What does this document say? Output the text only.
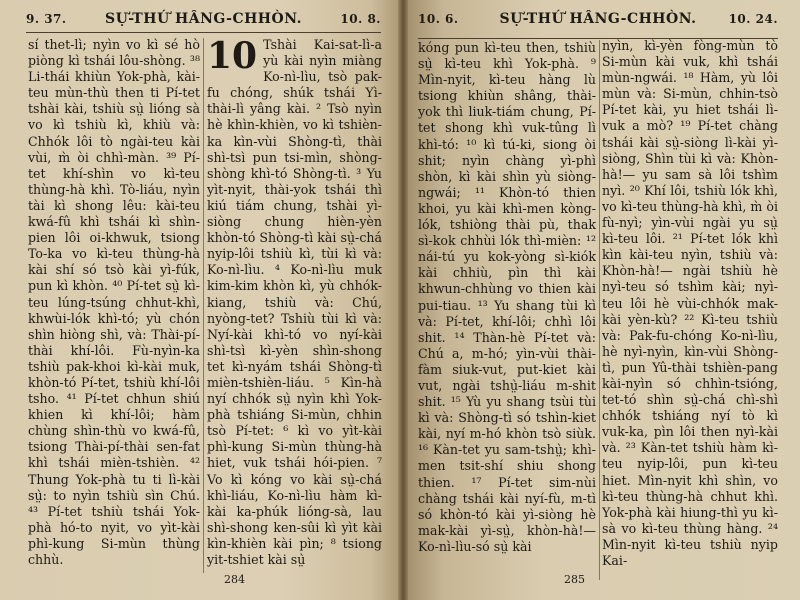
9. 37.	SỰ-THỨ HÂNG-CHHÒN.	10. 8.

sí thet-lì; nyìn vo kì sé hò piòng kì tshái lôu-shòng. ³⁸ Li-thái khiùn Yok-phà, kài-teu mùn-thù then ti Pí-tet tshài kài, tshiù sṳ̀ lióng sà vo kì tshiù kì, khiù và: Chhók lôi tò ngài-teu kài vùi, m̀ òi chhì-màn. ³⁹ Pí-tet khí-shìn vo kì-teu thùng-hà khì. Tò-liáu, nyìn tài kì shong lêu: kài-teu kwá-fû khì tshái kì shìn-pien lôi oi-khwuk, tsiong To-ka vo kì-teu thùng-hà kài shí só tsò kài yì-fúk, pun kì khòn. ⁴⁰ Pí-tet sṳ̀ kì-teu lúng-tsúng chhut-khì, khwùi-lók khì-tó; yù chón shìn hiòng shì, và: Thài-pí-thài khí-lôi. Fù-nyìn-ka tshiù pak-khoi kì-kài muk, khòn-tó Pí-tet, tshiù khí-lôi tsho. ⁴¹ Pí-tet chhun shiú khien kì khí-lôi; hàm chùng shìn-thù vo kwá-fû, tsiong Thài-pí-thài sen-fat khì tshái mièn-tshièn. ⁴² Thung Yok-phà tu ti lì-kài sṳ̀: to nyìn tshiù sìn Chú. ⁴³ Pí-tet tshiù tshái Yok-phà hó-to nyit, vo yìt-kài phì-kung Si-mùn thùng chhù.

10 Tshài Kai-sat-lì-a yù kài nyìn miàng Ko-nì-lìu, tsò pak-fu chóng, shúk tshái Yì-thài-lì yâng kài. ² Tsò nyìn hè khìn-khièn, vo kì tshièn-ka kìn-vùi Shòng-tì, thài shì-tsì pun tsi-mìn, shòng-shòng khì-tó Shòng-tì. ³ Yu yìt-nyit, thài-yok tshái thì kiú tiám chung, tshài yì-siòng chung hièn-yèn khòn-tó Shòng-tì kài sṳ̀-chá nyip-lôi tshiù kì, tùi kì và: Ko-nì-lìu. ⁴ Ko-nì-lìu muk kim-kim khòn kì, yù chhók-kiang, tshiù và: Chú, nyòng-tet? Tshiù tùi kì và: Nyí-kài khì-tó vo nyí-kài shì-tsì kì-yèn shìn-shong tet kì-nyám tshái Shòng-tì mièn-tshièn-liáu. ⁵ Kìn-hà nyí chhók sṳ̀ nyìn khì Yok-phà tshiáng Si-mùn, chhin tsò Pí-tet: ⁶ kì vo yìt-kài phì-kung Si-mùn thùng-hà hiet, vuk tshái hói-pien. ⁷ Vo kì kóng vo kài sṳ̀-chá khì-liáu, Ko-nì-lìu hàm kì-kài ka-phúk lióng-sà, lau shì-shong ken-sûi kì yìt kài kìn-khièn kài pìn; ⁸ tsiong yit-tshiet kài sṳ̀

284
10. 6.	SỰ-THỨ HÂNG-CHHÒN.	10. 24.

kóng pun kì-teu then, tshiù sṳ̀ kì-teu khì Yok-phà. ⁹ Mìn-nyit, kì-teu hàng lù tsiong khiùn shâng, thài-yok thì liuk-tiám chung, Pí-tet shong khì vuk-tûng lì khì-tó: ¹⁰ kì tú-ki, siong òi shit; nyìn chàng yì-phì shòn, kì kài shìn yù siòng-ngwái; ¹¹ Khòn-tó thien khoi, yu kài khì-men kòng-lók, tshiòng thài pù, thak sì-kok chhùi lók thì-mièn: ¹² nái-tú yu kok-yòng sì-kiók kài chhiù, pìn thì kài khwun-chhùng vo thien kài pui-tiau. ¹³ Yu shang tùi kì và: Pí-tet, khí-lôi; chhì lôi shit. ¹⁴ Thàn-hè Pí-tet và: Chú a, m-hó; yìn-vùi thài-fàm siuk-vut, put-kiet kài vut, ngài tshṳ̀-liáu m-shit shit. ¹⁵ Yù yu shang tsùi tùi kì và: Shòng-tì só tshìn-kiet kài, nyí m-hó khòn tsò siùk. ¹⁶ Kàn-tet yu sam-tshṳ̀; khì-men tsit-shí shiu shong thien. ¹⁷ Pí-tet sim-nùi chàng tshái kài nyí-fù, m-tì só khòn-tó kài yì-siòng hè mak-kài yì-sṳ̀, khòn-hà!— Ko-nì-lìu-só sṳ̀ kài

nyìn, kì-yèn fòng-mùn tò Si-mùn kài vuk, khì tshái mùn-ngwái. ¹⁸ Hàm, yù lôi mùn và: Si-mùn, chhin-tsò Pí-tet kài, yu hiet tshái lì-vuk a mò? ¹⁹ Pí-tet chàng tshái kài sṳ̀-siòng lì-kài yì-siòng, Shìn tùi kì và: Khòn-hà!— yu sam sà lôi tshìm nyì. ²⁰ Khí lôi, tshiù lók khì, vo kì-teu thùng-hà khì, m̀ òi fù-nyì; yìn-vùi ngài yu sṳ̀ kì-teu lôi. ²¹ Pí-tet lók khì kìn kài-teu nyìn, tshiù và: Khòn-hà!— ngài tshiù hè nyì-teu só tshìm kài; nyì-teu lôi hè vùi-chhók mak-kài yèn-kù? ²² Kì-teu tshiù và: Pak-fu-chóng Ko-nì-lìu, hè nyì-nyìn, kìn-vùi Shòng-tì, pun Yû-thài tshièn-pang kài-nyìn só chhìn-tsióng, tet-tó shìn sṳ̀-chá chì-shì chhók tshiáng nyí tò kì vuk-ka, pìn lôi then nyì-kài và. ²³ Kàn-tet tshiù hàm kì-teu nyip-lôi, pun kì-teu hiet. Mìn-nyit khì shìn, vo kì-teu thùng-hà chhut khì. Yok-phà kài hiung-thì yu kì-sà vo kì-teu thùng hàng. ²⁴ Mìn-nyit kì-teu tshiù nyip Kai-

285
